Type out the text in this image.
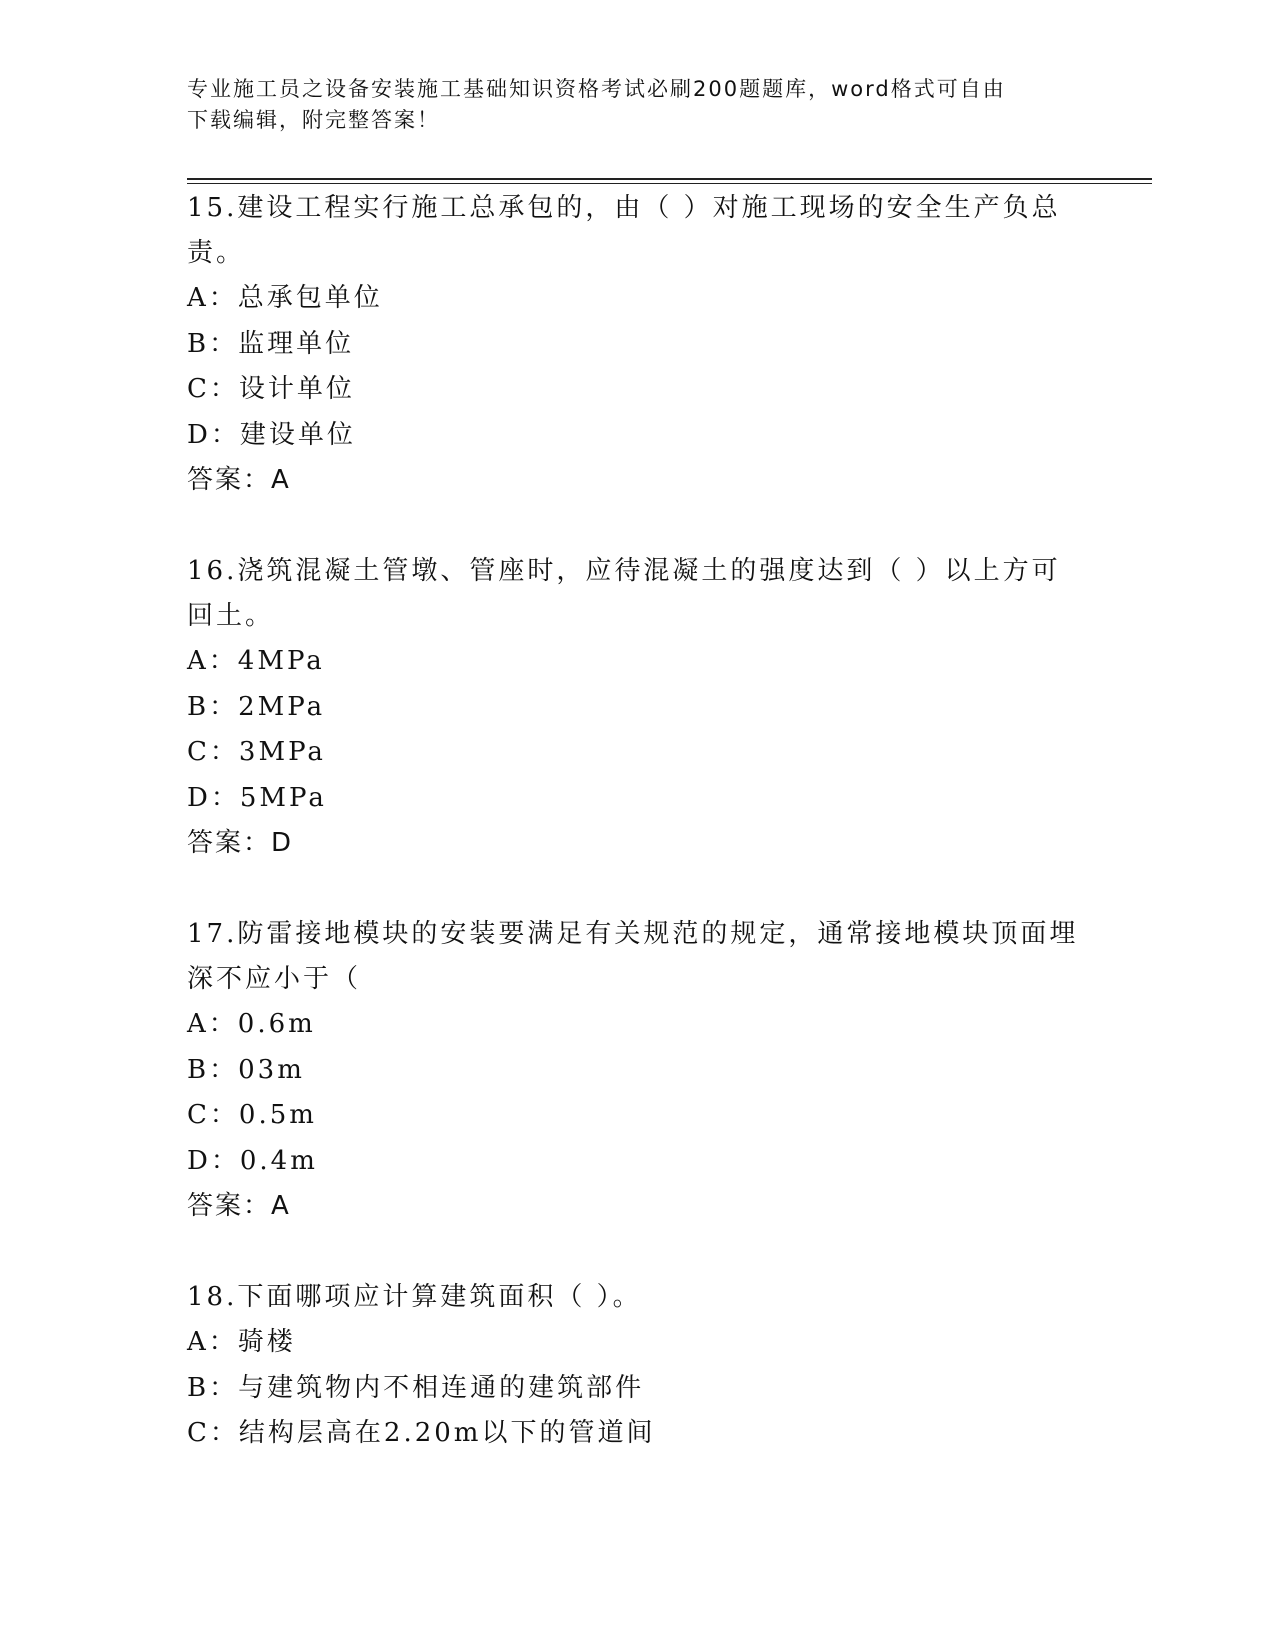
专业施工员之设备安装施工基础知识资格考试必刷200题题库，word格式可自由
下载编辑，附完整答案！
15.建设工程实行施工总承包的，由（ ）对施工现场的安全生产负总
责。
A：总承包单位
B：监理单位
C：设计单位
D：建设单位
答案：A
16.浇筑混凝土管墩、管座时，应待混凝土的强度达到（ ）以上方可
回土。
A：4MPa
B：2MPa
C：3MPa
D：5MPa
答案：D
17.防雷接地模块的安装要满足有关规范的规定，通常接地模块顶面埋
深不应小于（
A：0.6m
B：03m
C：0.5m
D：0.4m
答案：A
18.下面哪项应计算建筑面积（ ）。
A：骑楼
B：与建筑物内不相连通的建筑部件
C：结构层高在2.20m以下的管道间
